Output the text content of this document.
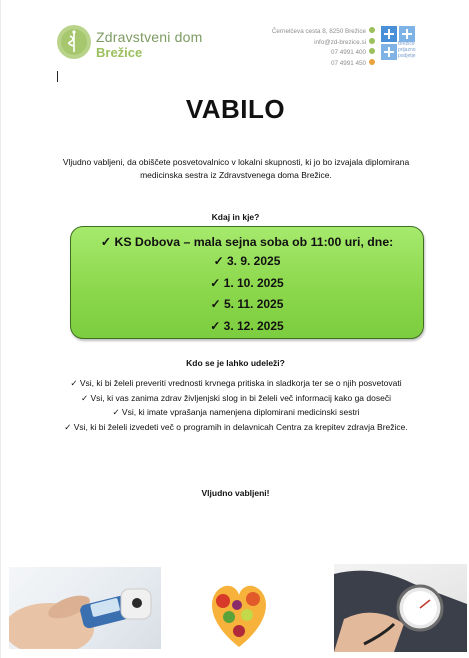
Zdravstveni dom
Brežice
Černelčeva cesta 8, 8250 Brežice
info@zd-brezice.si
07 4991 400
07 4991 450
Brežice
prijazno
podjetje
VABILO
Vljudno vabljeni, da obiščete posvetovalnico v lokalni skupnosti, ki jo bo izvajala diplomirana medicinska sestra iz Zdravstvenega doma Brežice.
Kdaj in kje?
✓ KS Dobova – mala sejna soba ob 11:00 uri, dne:
✓ 3. 9. 2025
✓ 1. 10. 2025
✓ 5. 11. 2025
✓ 3. 12. 2025
Kdo se je lahko udeleži?
✓ Vsi, ki bi želeli preveriti vrednosti krvnega pritiska in sladkorja ter se o njih posvetovati
✓ Vsi, ki vas zanima zdrav življenjski slog in bi želeli več informacij kako ga doseči
✓ Vsi, ki imate vprašanja namenjena diplomirani medicinski sestri
✓ Vsi, ki bi želeli izvedeti več o programih in delavnicah Centra za krepitev zdravja Brežice.
Vljudno vabljeni!
